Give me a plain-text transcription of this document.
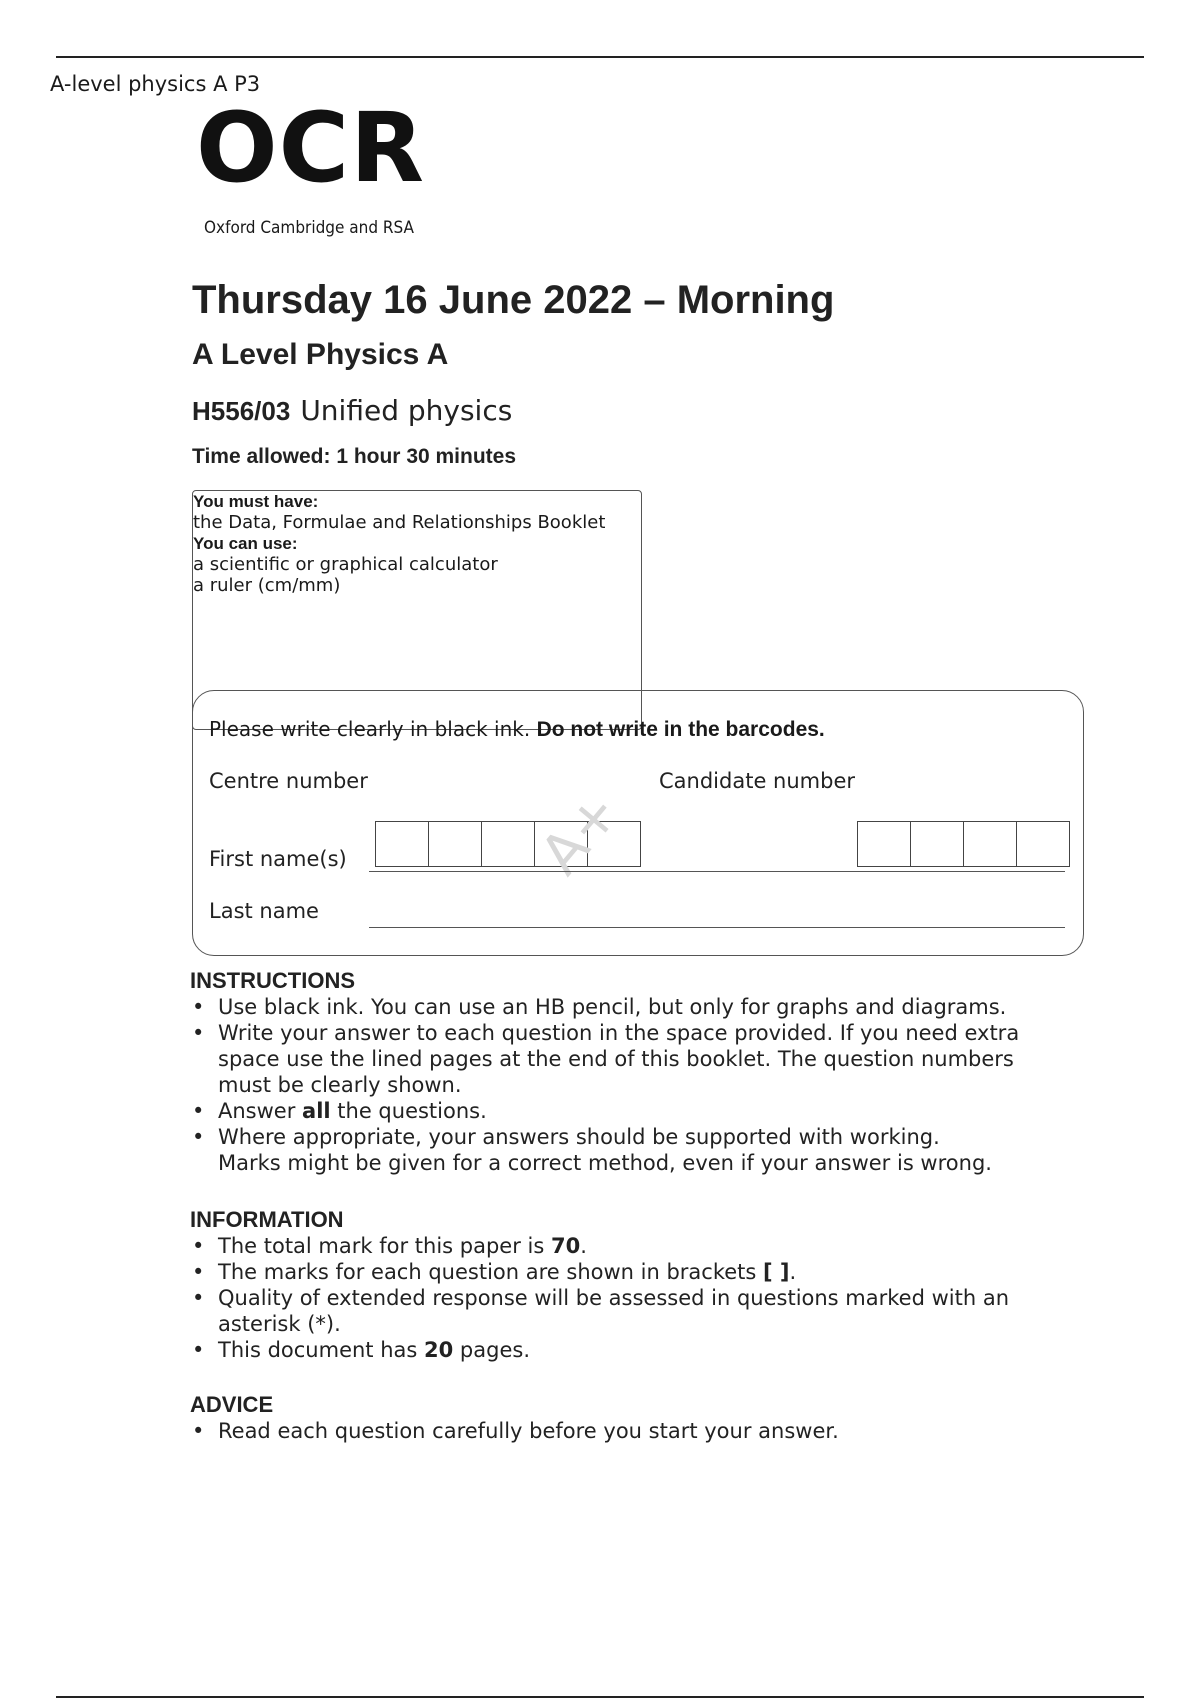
A-level physics A P3
OCR
Oxford Cambridge and RSA
Thursday 16 June 2022 – Morning
A Level Physics A
H556/03 Unified physics
Time allowed: 1 hour 30 minutes
You must have:
the Data, Formulae and Relationships Booklet
You can use:
a scientific or graphical calculator
a ruler (cm/mm)
Please write clearly in black ink. Do not write in the barcodes.
Centre number	Candidate number
A+
First name(s)
Last name
INSTRUCTIONS
• Use black ink. You can use an HB pencil, but only for graphs and diagrams.
• Write your answer to each question in the space provided. If you need extra
space use the lined pages at the end of this booklet. The question numbers
must be clearly shown.
• Answer all the questions.
• Where appropriate, your answers should be supported with working.
Marks might be given for a correct method, even if your answer is wrong.
INFORMATION
• The total mark for this paper is 70.
• The marks for each question are shown in brackets [ ].
• Quality of extended response will be assessed in questions marked with an
asterisk (*).
• This document has 20 pages.
ADVICE
• Read each question carefully before you start your answer.
